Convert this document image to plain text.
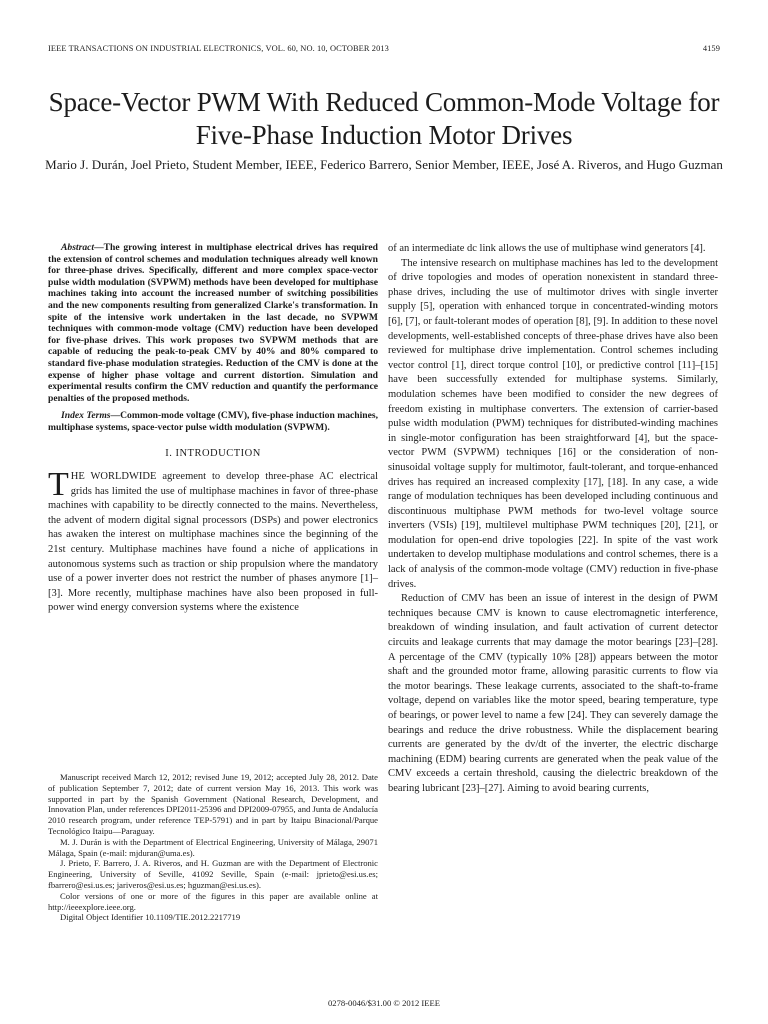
IEEE TRANSACTIONS ON INDUSTRIAL ELECTRONICS, VOL. 60, NO. 10, OCTOBER 2013	4159
Space-Vector PWM With Reduced Common-Mode Voltage for Five-Phase Induction Motor Drives
Mario J. Durán, Joel Prieto, Student Member, IEEE, Federico Barrero, Senior Member, IEEE, José A. Riveros, and Hugo Guzman

Abstract—The growing interest in multiphase electrical drives has required the extension of control schemes and modulation techniques already well known for three-phase drives. Specifically, different and more complex space-vector pulse width modulation (SVPWM) methods have been developed for multiphase machines taking into account the increased number of switching possibilities and the new components resulting from generalized Clarke's transformation. In spite of the intensive work undertaken in the last decade, no SVPWM techniques with common-mode voltage (CMV) reduction have been developed for five-phase drives. This work proposes two SVPWM methods that are capable of reducing the peak-to-peak CMV by 40% and 80% compared to standard five-phase modulation strategies. Reduction of the CMV is done at the expense of higher phase voltage and current distortion. Simulation and experimental results confirm the CMV reduction and quantify the performance penalties of the proposed methods.

Index Terms—Common-mode voltage (CMV), five-phase induction machines, multiphase systems, space-vector pulse width modulation (SVPWM).

I. INTRODUCTION

THE WORLDWIDE agreement to develop three-phase AC electrical grids has limited the use of multiphase machines in favor of three-phase machines with capability to be directly connected to the mains. Nevertheless, the advent of modern digital signal processors (DSPs) and power electronics has awaken the interest on multiphase machines since the beginning of the 21st century. Multiphase machines have found a niche of applications in autonomous systems such as traction or ship propulsion where the mandatory use of a power inverter does not restrict the number of phases anymore [1]–[3]. More recently, multiphase machines have also been proposed in full-power wind energy conversion systems where the existence

Manuscript received March 12, 2012; revised June 19, 2012; accepted July 28, 2012. Date of publication September 7, 2012; date of current version May 16, 2013. This work was supported in part by the Spanish Government (National Research, Development, and Innovation Plan, under references DPI2011-25396 and DPI2009-07955, and Junta de Andalucía 2010 research program, under reference TEP-5791) and in part by Itaipu Binacional/Parque Tecnológico Itaipu—Paraguay.

M. J. Durán is with the Department of Electrical Engineering, University of Málaga, 29071 Málaga, Spain (e-mail: mjduran@uma.es).

J. Prieto, F. Barrero, J. A. Riveros, and H. Guzman are with the Department of Electronic Engineering, University of Seville, 41092 Seville, Spain (e-mail: jprieto@esi.us.es; fbarrero@esi.us.es; jariveros@esi.us.es; hguzman@esi.us.es).

Color versions of one or more of the figures in this paper are available online at http://ieeexplore.ieee.org.

Digital Object Identifier 10.1109/TIE.2012.2217719

of an intermediate dc link allows the use of multiphase wind generators [4].

The intensive research on multiphase machines has led to the development of drive topologies and modes of operation nonexistent in standard three-phase drives, including the use of multimotor drives with single inverter supply [5], operation with enhanced torque in concentrated-winding motors [6], [7], or fault-tolerant modes of operation [8], [9]. In addition to these novel developments, well-established concepts of three-phase drives have also been reviewed for multiphase drive implementation. Control schemes including vector control [1], direct torque control [10], or predictive control [11]–[15] have been successfully extended for multiphase systems. Similarly, modulation schemes have been modified to consider the new degrees of freedom existing in multiphase converters. The extension of carrier-based pulse width modulation (PWM) techniques for distributed-winding machines in single-motor configuration has been straightforward [4], but the space-vector PWM (SVPWM) techniques [16] or the consideration of non-sinusoidal voltage supply for multimotor, fault-tolerant, and torque-enhanced drives has required an increased complexity [17], [18]. In any case, a wide range of modulation techniques has been developed including continuous and discontinuous multiphase PWM methods for two-level voltage source inverters (VSIs) [19], multilevel multiphase PWM techniques [20], [21], or modulation for open-end drive topologies [22]. In spite of the vast work undertaken to develop multiphase modulations and control schemes, there is a lack of analysis of the common-mode voltage (CMV) reduction in five-phase drives.

Reduction of CMV has been an issue of interest in the design of PWM techniques because CMV is known to cause electromagnetic interference, breakdown of winding insulation, and fault activation of current detector circuits and leakage currents that may damage the motor bearings [23]–[28]. A percentage of the CMV (typically 10% [28]) appears between the motor shaft and the grounded motor frame, allowing parasitic currents to flow via the motor bearings. These leakage currents, associated to the shaft-to-frame voltage, depend on variables like the motor speed, bearing temperature, type of bearings, or power level to name a few [24]. They can severely damage the bearings and reduce the drive robustness. While the displacement bearing currents are generated by the dv/dt of the inverter, the electric discharge machining (EDM) bearing currents are generated when the peak value of the CMV exceeds a certain threshold, causing the dielectric breakdown of the bearing lubricant [23]–[27]. Aiming to avoid bearing currents,

0278-0046/$31.00 © 2012 IEEE
